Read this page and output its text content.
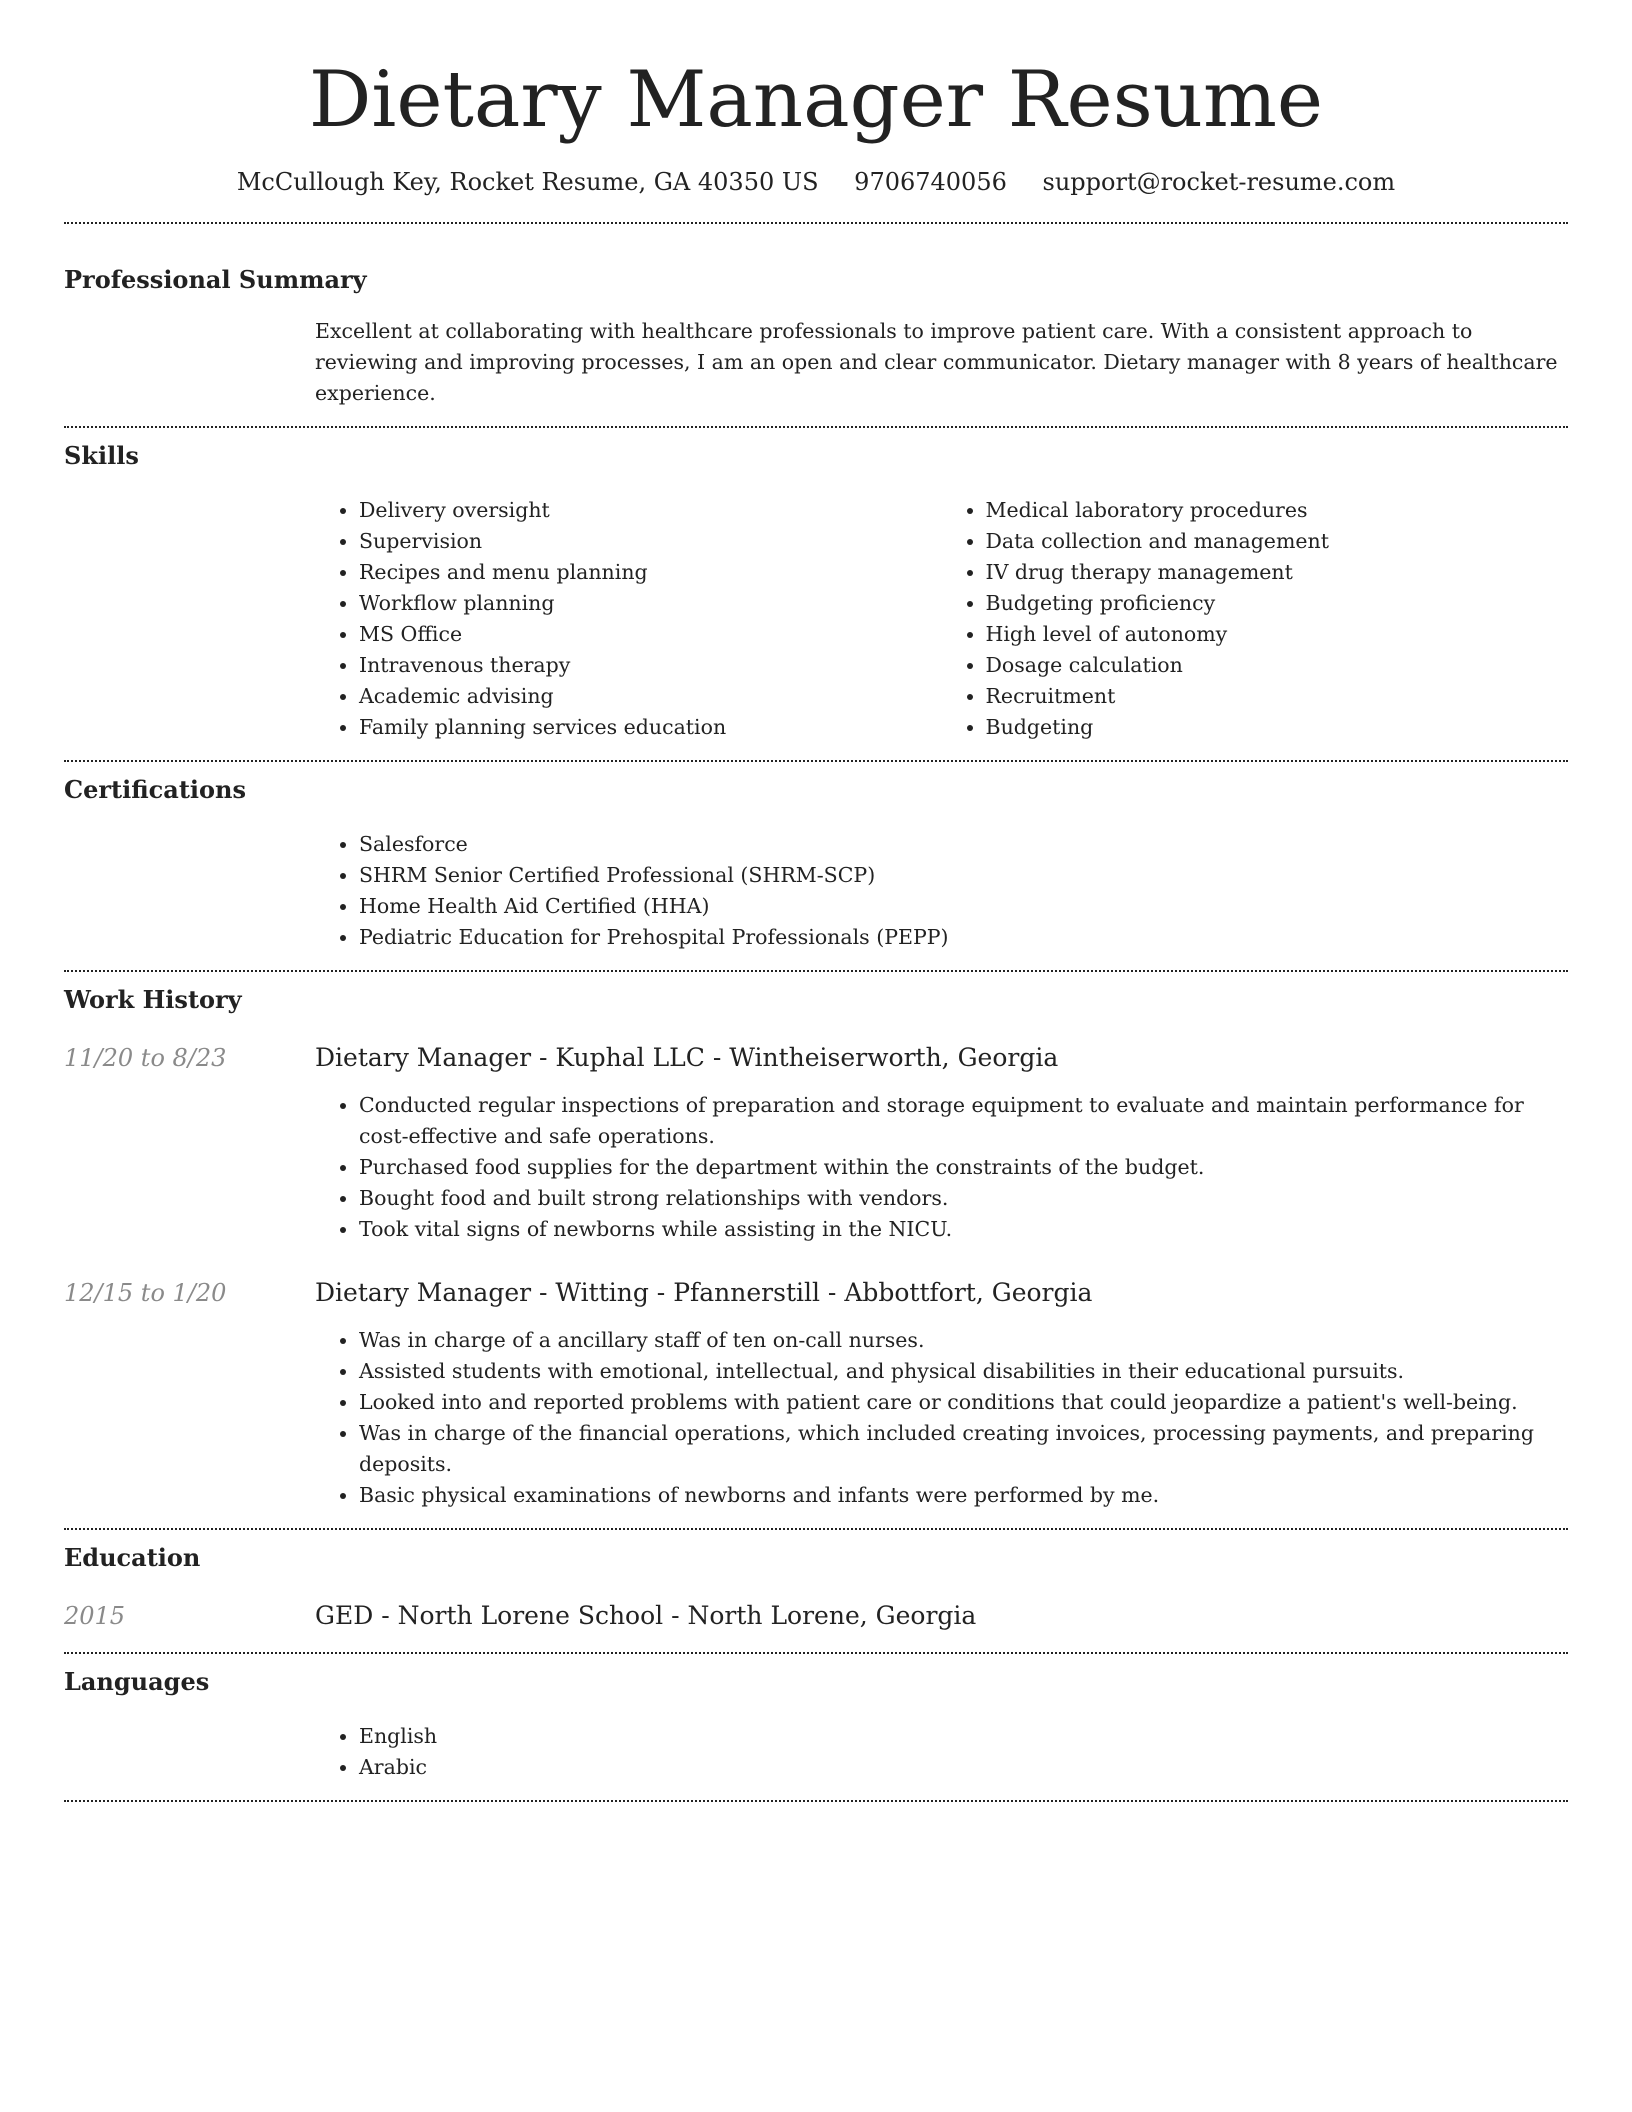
Dietary Manager Resume
McCullough Key, Rocket Resume, GA 40350 US 9706740056 support@rocket-resume.com
Professional Summary

Excellent at collaborating with healthcare professionals to improve patient care. With a consistent approach to reviewing and improving processes, I am an open and clear communicator. Dietary manager with 8 years of healthcare experience.

Skills
• Delivery oversight
• Supervision
• Recipes and menu planning
• Workflow planning
• MS Office
• Intravenous therapy
• Academic advising
• Family planning services education
• Medical laboratory procedures
• Data collection and management
• IV drug therapy management
• Budgeting proficiency
• High level of autonomy
• Dosage calculation
• Recruitment
• Budgeting
Certifications
• Salesforce
• SHRM Senior Certified Professional (SHRM-SCP)
• Home Health Aid Certified (HHA)
• Pediatric Education for Prehospital Professionals (PEPP)
Work History
11/20 to 8/23	Dietary Manager - Kuphal LLC - Wintheiserworth, Georgia
• Conducted regular inspections of preparation and storage equipment to evaluate and maintain performance for cost-effective and safe operations.
• Purchased food supplies for the department within the constraints of the budget.
• Bought food and built strong relationships with vendors.
• Took vital signs of newborns while assisting in the NICU.
12/15 to 1/20	Dietary Manager - Witting - Pfannerstill - Abbottfort, Georgia
• Was in charge of a ancillary staff of ten on-call nurses.
• Assisted students with emotional, intellectual, and physical disabilities in their educational pursuits.
• Looked into and reported problems with patient care or conditions that could jeopardize a patient's well-being.
• Was in charge of the financial operations, which included creating invoices, processing payments, and preparing deposits.
• Basic physical examinations of newborns and infants were performed by me.
Education
2015	GED - North Lorene School - North Lorene, Georgia
Languages
• English
• Arabic
